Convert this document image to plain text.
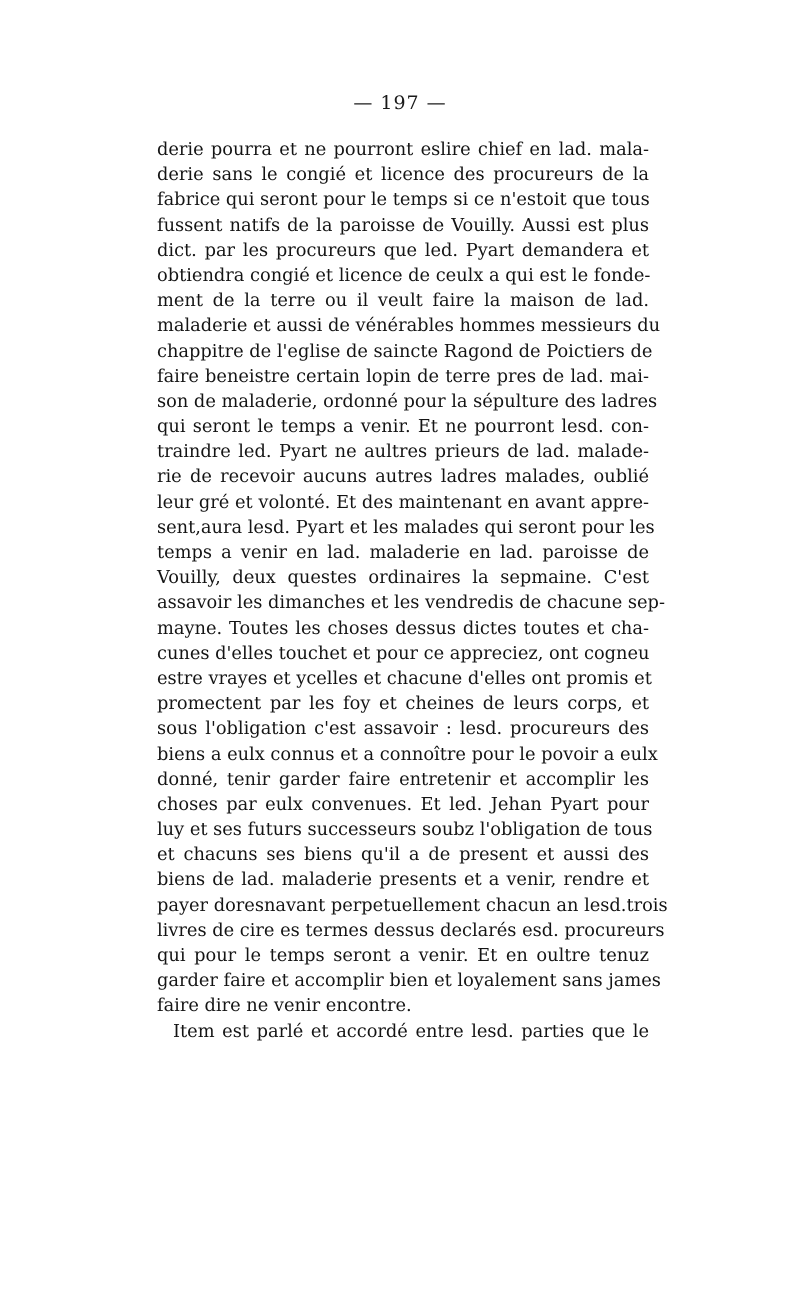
— 197 —
derie pourra et ne pourront eslire chief en lad. mala-
derie sans le congié et licence des procureurs de la
fabrice qui seront pour le temps si ce n'estoit que tous
fussent natifs de la paroisse de Vouilly. Aussi est plus
dict. par les procureurs que led. Pyart demandera et
obtiendra congié et licence de ceulx a qui est le fonde-
ment de la terre ou il veult faire la maison de lad.
maladerie et aussi de vénérables hommes messieurs du
chappitre de l'eglise de saincte Ragond de Poictiers de
faire beneistre certain lopin de terre pres de lad. mai-
son de maladerie, ordonné pour la sépulture des ladres
qui seront le temps a venir. Et ne pourront lesd. con-
traindre led. Pyart ne aultres prieurs de lad. malade-
rie de recevoir aucuns autres ladres malades, oublié
leur gré et volonté. Et des maintenant en avant appre-
sent,aura lesd. Pyart et les malades qui seront pour les
temps a venir en lad. maladerie en lad. paroisse de
Vouilly, deux questes ordinaires la sepmaine. C'est
assavoir les dimanches et les vendredis de chacune sep-
mayne. Toutes les choses dessus dictes toutes et cha-
cunes d'elles touchet et pour ce appreciez, ont cogneu
estre vrayes et ycelles et chacune d'elles ont promis et
promectent par les foy et cheines de leurs corps, et
sous l'obligation c'est assavoir : lesd. procureurs des
biens a eulx connus et a connoître pour le povoir a eulx
donné, tenir garder faire entretenir et accomplir les
choses par eulx convenues. Et led. Jehan Pyart pour
luy et ses futurs successeurs soubz l'obligation de tous
et chacuns ses biens qu'il a de present et aussi des
biens de lad. maladerie presents et a venir, rendre et
payer doresnavant perpetuellement chacun an lesd.trois
livres de cire es termes dessus declarés esd. procureurs
qui pour le temps seront a venir. Et en oultre tenuz
garder faire et accomplir bien et loyalement sans james
faire dire ne venir encontre.
Item est parlé et accordé entre lesd. parties que le
